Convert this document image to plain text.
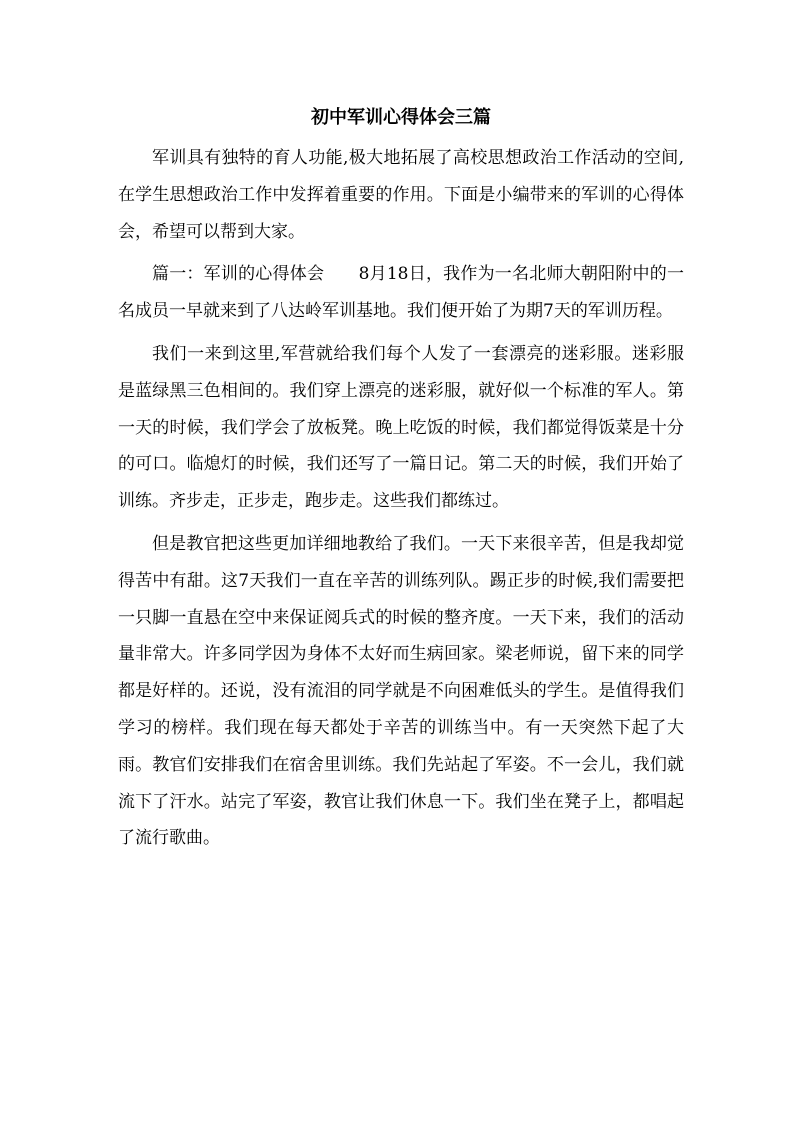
初中军训心得体会三篇

军训具有独特的育人功能,极大地拓展了高校思想政治工作活动的空间,在学生思想政治工作中发挥着重要的作用。下面是小编带来的军训的心得体会，希望可以帮到大家。

篇一：军训的心得体会　　8月18日，我作为一名北师大朝阳附中的一名成员一早就来到了八达岭军训基地。我们便开始了为期7天的军训历程。

我们一来到这里,军营就给我们每个人发了一套漂亮的迷彩服。迷彩服是蓝绿黑三色相间的。我们穿上漂亮的迷彩服，就好似一个标准的军人。第一天的时候，我们学会了放板凳。晚上吃饭的时候，我们都觉得饭菜是十分的可口。临熄灯的时候，我们还写了一篇日记。第二天的时候，我们开始了训练。齐步走，正步走，跑步走。这些我们都练过。

但是教官把这些更加详细地教给了我们。一天下来很辛苦，但是我却觉得苦中有甜。这7天我们一直在辛苦的训练列队。踢正步的时候,我们需要把一只脚一直悬在空中来保证阅兵式的时候的整齐度。一天下来，我们的活动量非常大。许多同学因为身体不太好而生病回家。梁老师说，留下来的同学都是好样的。还说，没有流泪的同学就是不向困难低头的学生。是值得我们学习的榜样。我们现在每天都处于辛苦的训练当中。有一天突然下起了大雨。教官们安排我们在宿舍里训练。我们先站起了军姿。不一会儿，我们就流下了汗水。站完了军姿，教官让我们休息一下。我们坐在凳子上，都唱起了流行歌曲。
